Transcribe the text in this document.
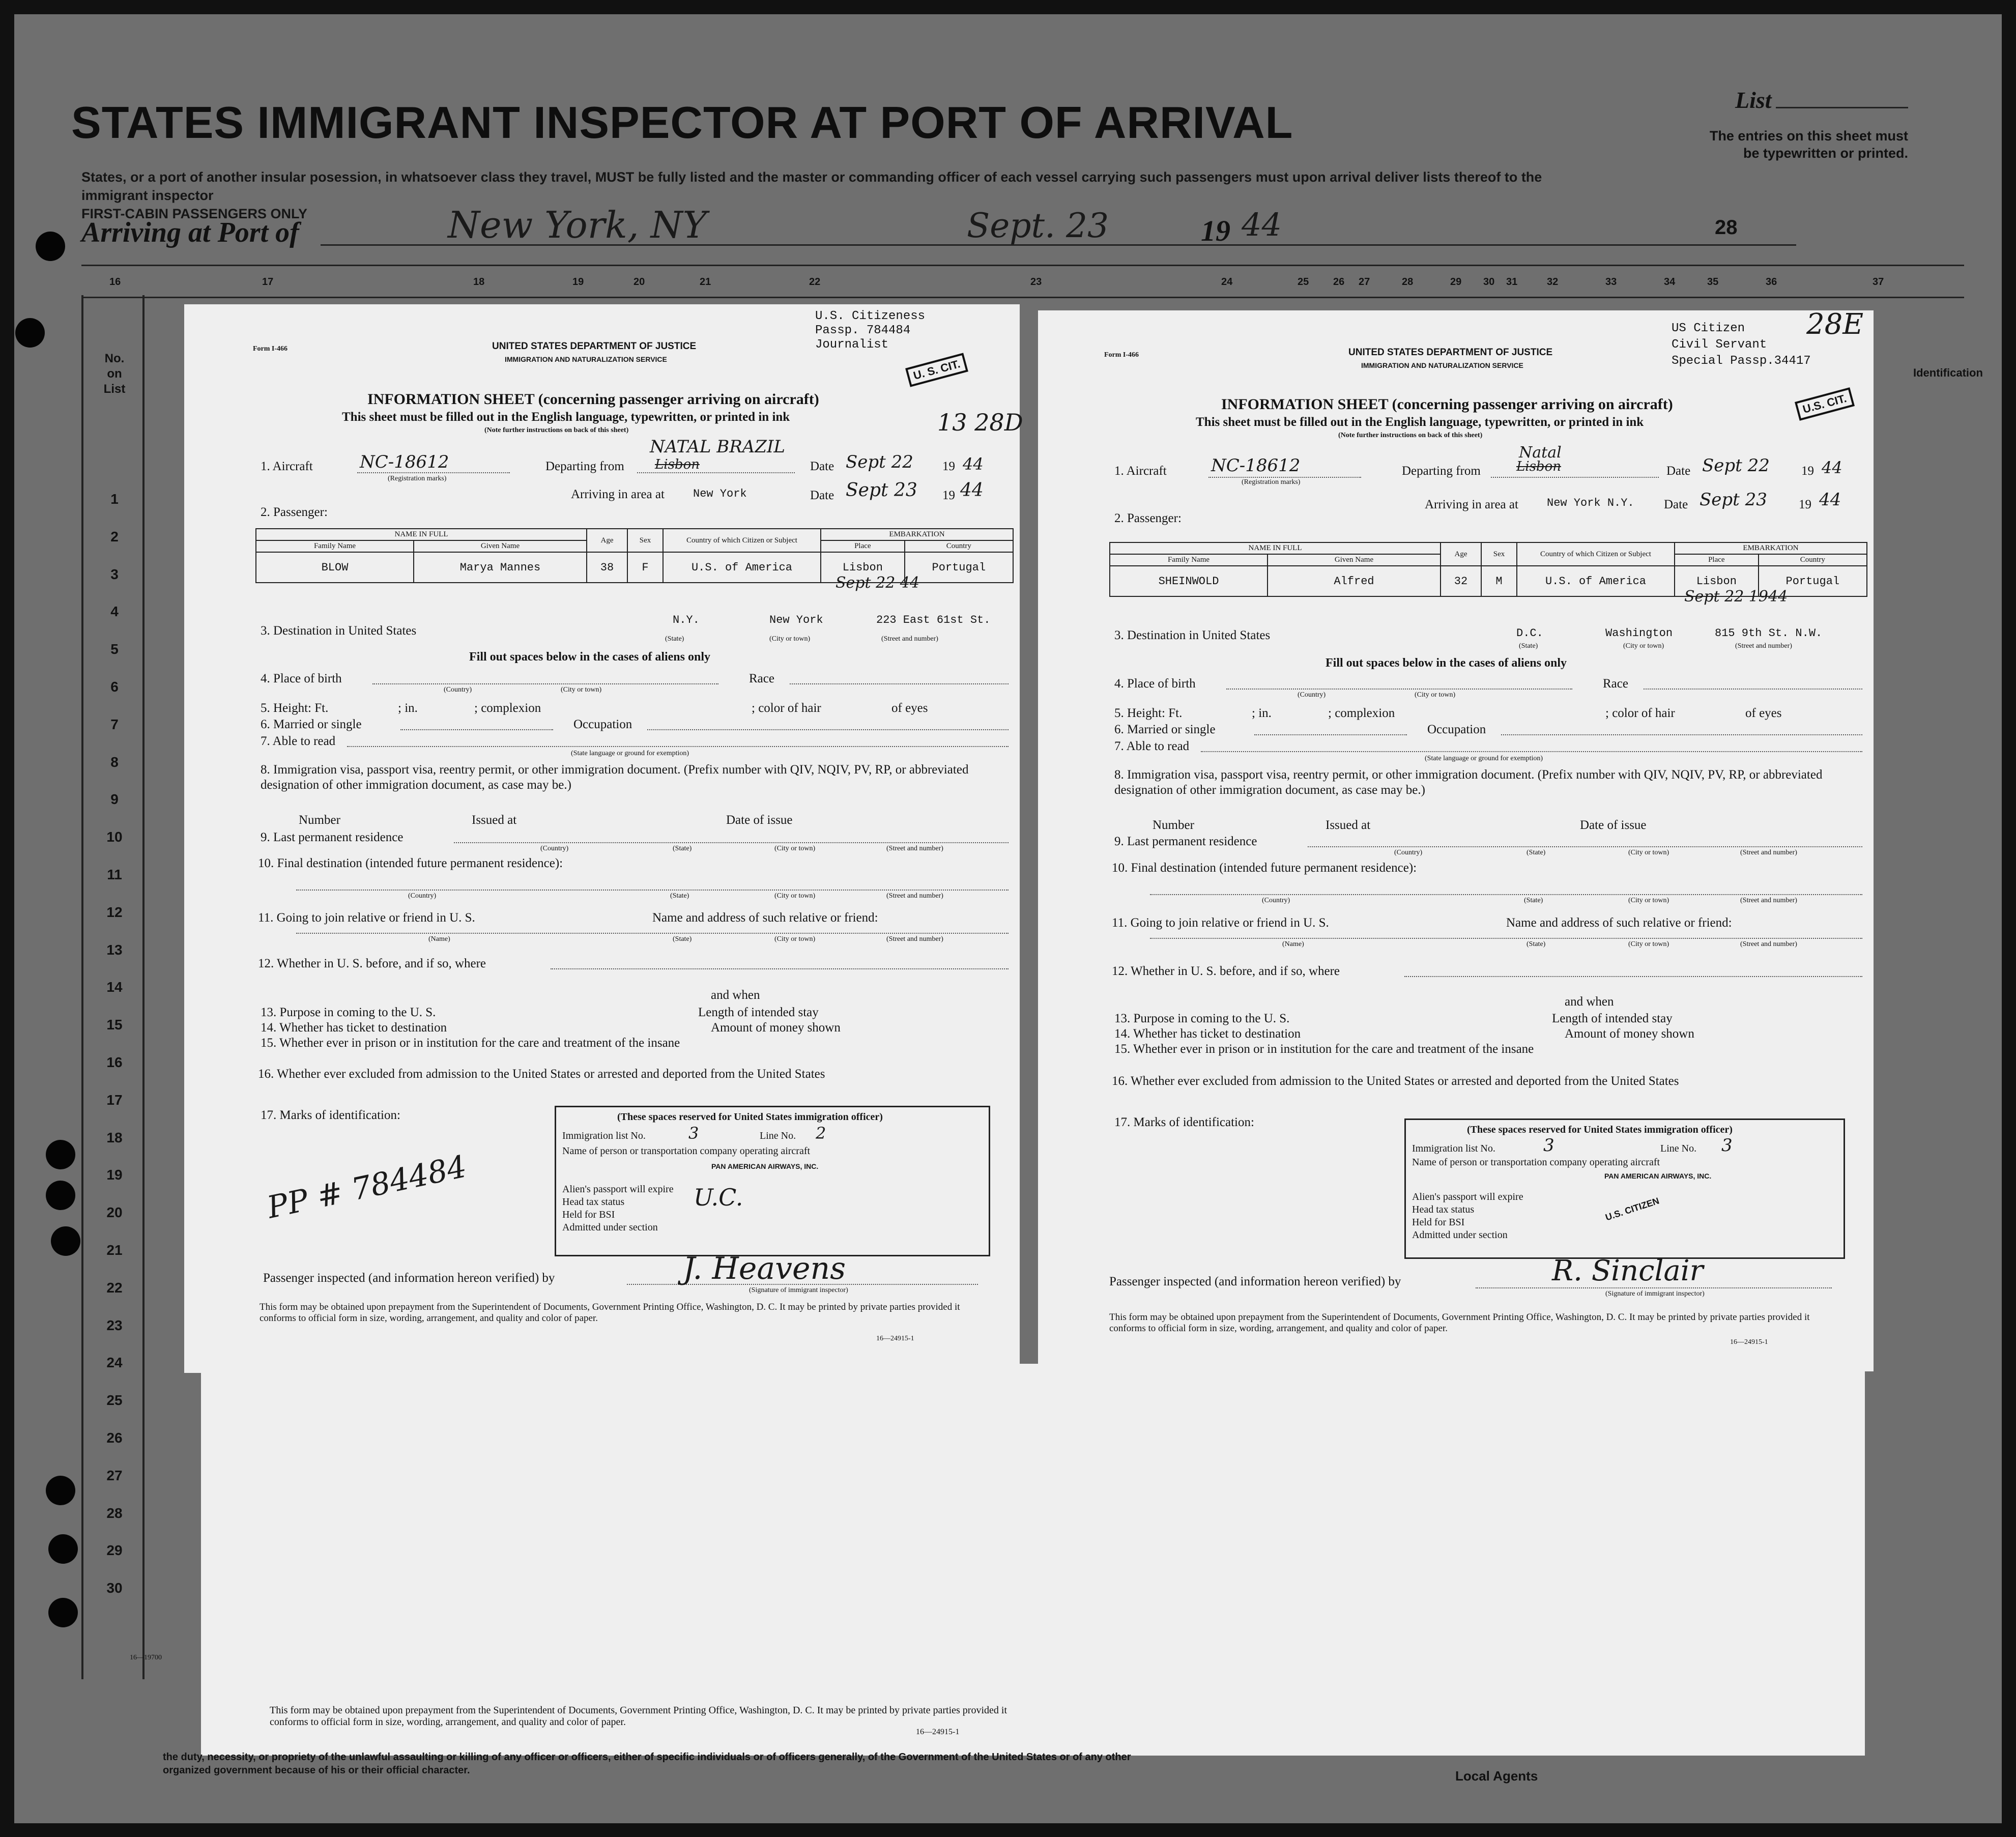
STATES IMMIGRANT INSPECTOR AT PORT OF ARRIVAL
States, or a port of another insular posession, in whatsoever class they travel, MUST be fully listed and the master or commanding officer of each vessel carrying such passengers must upon arrival deliver lists thereof to the immigrant inspector
FIRST-CABIN PASSENGERS ONLY
List
The entries on this sheet must be typewritten or printed.
Arriving at Port of	New York, NY	Sept. 23	19 44	28
16	17	18	19	20	21	22	23	24	25 26 27	28	29 30 31	32	33	34	35	36	37
No. on List
1
2
3
4
5
6
7
8
9
10
11
12
13
14
15
16
17
18
19
20
21
22
23
24
25
26
27
28
29
30
Identification
This form may be obtained upon prepayment from the Superintendent of Documents, Government Printing Office, Washington, D. C. It may be printed by private parties provided it conforms to official form in size, wording, arrangement, and quality and color of paper.
16—24915-1
the duty, necessity, or propriety of the unlawful assaulting or killing of any officer or officers, either of specific individuals or of officers generally, of the Government of the United States or of any other organized government because of his or their official character.	Local Agents
16—19700
Form I-466	UNITED STATES DEPARTMENT OF JUSTICE
IMMIGRATION AND NATURALIZATION SERVICE
U.S. Citizeness
Passp. 784484
Journalist
U. S. CIT.
13 28D
INFORMATION SHEET (concerning passenger arriving on aircraft)
This sheet must be filled out in the English language, typewritten, or printed in ink
(Note further instructions on back of this sheet)
1. Aircraft	NC-18612
(Registration marks)
Departing from
NATAL BRAZIL
Lisbon	Date Sept 22 19 44
Arriving in area at	New York	Date Sept 23 19 44
2. Passenger:
NAME IN FULL		Age	Sex	Country of which Citizen or Subject	EMBARKATION	
Family Name	Given Name				Place	Country
BLOW	Marya Mannes	38	F	U.S. of America	Lisbon	Portugal
Sept 22 44
3. Destination in United States
N.Y.	New York	223 East 61st St.
(State)	(City or town)	(Street and number)
Fill out spaces below in the cases of aliens only
4. Place of birth	Race
(Country)	(City or town)
5. Height: Ft.	; in.	; complexion	; color of hair	of eyes
6. Married or single	Occupation
7. Able to read
(State language or ground for exemption)
8. Immigration visa, passport visa, reentry permit, or other immigration document. (Prefix number with QIV, NQIV, PV, RP, or abbreviated designation of other immigration document, as case may be.)
Number	Issued at	Date of issue
9. Last permanent residence
(Country)	(State)	(City or town)	(Street and number)
10. Final destination (intended future permanent residence):
(Country)	(State)	(City or town)	(Street and number)
11. Going to join relative or friend in U. S.	Name and address of such relative or friend:
(Name)	(State)	(City or town)	(Street and number)
12. Whether in U. S. before, and if so, where
and when
13. Purpose in coming to the U. S.	Length of intended stay
14. Whether has ticket to destination	Amount of money shown
15. Whether ever in prison or in institution for the care and treatment of the insane
16. Whether ever excluded from admission to the United States or arrested and deported from the United States
17. Marks of identification:	(These spaces reserved for United States immigration officer)
Immigration list No.	3	Line No. 2
Name of person or transportation company operating aircraft
PAN AMERICAN AIRWAYS, INC.
Alien's passport will expire
Head tax status	U.C.
Held for BSI
Admitted under section
PP # 784484
Passenger inspected (and information hereon verified) by	J. Heavens
(Signature of immigrant inspector)
This form may be obtained upon prepayment from the Superintendent of Documents, Government Printing Office, Washington, D. C. It may be printed by private parties provided it conforms to official form in size, wording, arrangement, and quality and color of paper.
16—24915-1
Form I-466	UNITED STATES DEPARTMENT OF JUSTICE
IMMIGRATION AND NATURALIZATION SERVICE
US Citizen
Civil Servant
Special Passp.34417
28E
U.S. CIT.
INFORMATION SHEET (concerning passenger arriving on aircraft)
This sheet must be filled out in the English language, typewritten, or printed in ink
(Note further instructions on back of this sheet)
1. Aircraft	NC-18612
(Registration marks)
Departing from
Natal
Lisbon	Date Sept 22 19 44
Arriving in area at	New York N.Y. Date Sept 23 19 44
2. Passenger:
NAME IN FULL		Age	Sex	Country of which Citizen or Subject	EMBARKATION	
Family Name	Given Name				Place	Country
SHEINWOLD	Alfred	32	M	U.S. of America	Lisbon	Portugal
Sept 22 1944
3. Destination in United States	D.C.	Washington	815 9th St. N.W.
(State)	(City or town)	(Street and number)
Fill out spaces below in the cases of aliens only
4. Place of birth	Race
(Country)	(City or town)
5. Height: Ft.	; in.	; complexion	; color of hair	of eyes
6. Married or single	Occupation
7. Able to read
(State language or ground for exemption)
8. Immigration visa, passport visa, reentry permit, or other immigration document. (Prefix number with QIV, NQIV, PV, RP, or abbreviated designation of other immigration document, as case may be.)
Number	Issued at	Date of issue
9. Last permanent residence
(Country)	(State)	(City or town)	(Street and number)
10. Final destination (intended future permanent residence):
(Country)	(State)	(City or town)	(Street and number)
11. Going to join relative or friend in U. S.	Name and address of such relative or friend:
(Name)	(State)	(City or town)	(Street and number)
12. Whether in U. S. before, and if so, where
and when
13. Purpose in coming to the U. S.	Length of intended stay
14. Whether has ticket to destination	Amount of money shown
15. Whether ever in prison or in institution for the care and treatment of the insane
16. Whether ever excluded from admission to the United States or arrested and deported from the United States
17. Marks of identification:
(These spaces reserved for United States immigration officer)
Immigration list No.	3	Line No. 3
Name of person or transportation company operating aircraft
PAN AMERICAN AIRWAYS, INC.
Alien's passport will expire
Head tax status	U.S. CITIZEN
Held for BSI
Admitted under section
Passenger inspected (and information hereon verified) by	R. Sinclair
(Signature of immigrant inspector)
This form may be obtained upon prepayment from the Superintendent of Documents, Government Printing Office, Washington, D. C. It may be printed by private parties provided it conforms to official form in size, wording, arrangement, and quality and color of paper.
16—24915-1
